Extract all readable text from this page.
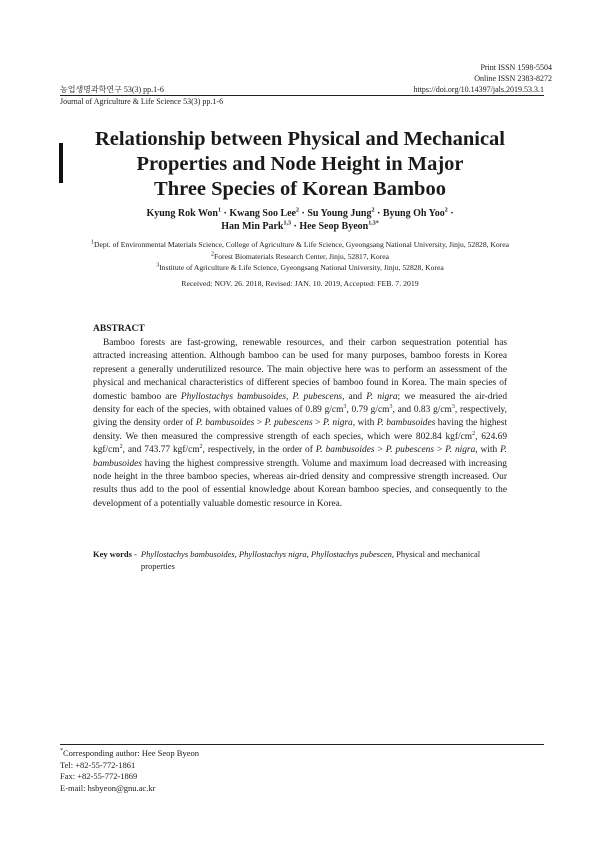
Print ISSN 1598-5504
Online ISSN 2383-8272
농업생명과학연구 53(3) pp.1-6	https://doi.org/10.14397/jals.2019.53.3.1
Journal of Agriculture & Life Science 53(3) pp.1-6
Relationship between Physical and Mechanical
Properties and Node Height in Major
Three Species of Korean Bamboo
Kyung Rok Won$^1$ · Kwang Soo Lee$^2$ · Su Young Jung$^2$ · Byung Oh Yoo$^2$ ·
Han Min Park$^{1,3}$ · Hee Seop Byeon$^{1,3*}$
$^1$Dept. of Environmental Materials Science, College of Agriculture & Life Science, Gyeongsang National University, Jinju, 52828, Korea
$^2$Forest Biomaterials Research Center, Jinju, 52817, Korea
$^3$Institute of Agriculture & Life Science, Gyeongsang National University, Jinju, 52828, Korea
Received: NOV. 26. 2018, Revised: JAN. 10. 2019, Accepted: FEB. 7. 2019
ABSTRACT

Bamboo forests are fast-growing, renewable resources, and their carbon sequestration potential has attracted increasing attention. Although bamboo can be used for many purposes, bamboo forests in Korea represent a generally underutilized resource. The main objective here was to perform an assessment of the physical and mechanical characteristics of different species of bamboo found in Korea. The main species of domestic bamboo are Phyllostachys bambusoides, P. pubescens, and P. nigra; we measured the air-dried density for each of the species, with obtained values of 0.89 $g/cm^3$, 0.79 $g/cm^3$, and 0.83 $g/cm^3$, respectively, giving the density order of P. bambusoides > P. pubescens > P. nigra, with P. bambusoides having the highest density. We then measured the compressive strength of each species, which were 802.84 kgf/$cm^2$, 624.69 kgf/$cm^2$, and 743.77 kgf/$cm^2$, respectively, in the order of P. bambusoides > P. pubescens > P. nigra, with P. bambusoides having the highest compressive strength. Volume and maximum load decreased with increasing node height in the three bamboo species, whereas air-dried density and compressive strength increased. Our results thus add to the pool of essential knowledge about Korean bamboo species, and consequently to the development of a potentially valuable domestic resource in Korea.

Key words - Phyllostachys bambusoides, Phyllostachys nigra, Phyllostachys pubescen, Physical and mechanical properties
*Corresponding author: Hee Seop Byeon
Tel: +82-55-772-1861
Fax: +82-55-772-1869
E-mail: hsbyeon@gnu.ac.kr
